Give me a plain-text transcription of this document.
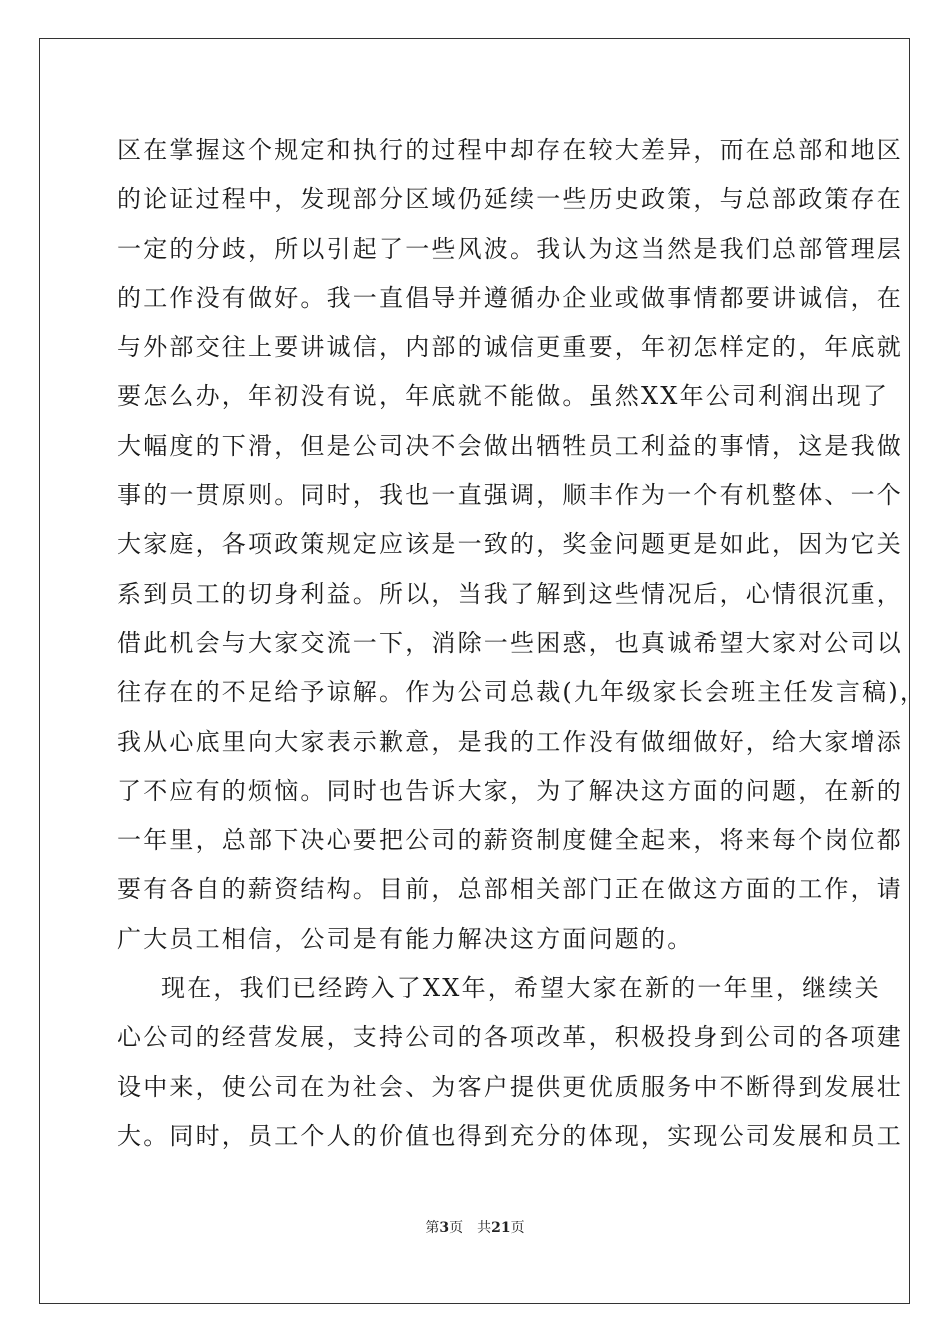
区在掌握这个规定和执行的过程中却存在较大差异，而在总部和地区
的论证过程中，发现部分区域仍延续一些历史政策，与总部政策存在
一定的分歧，所以引起了一些风波。我认为这当然是我们总部管理层
的工作没有做好。我一直倡导并遵循办企业或做事情都要讲诚信，在
与外部交往上要讲诚信，内部的诚信更重要，年初怎样定的，年底就
要怎么办，年初没有说，年底就不能做。虽然XX年公司利润出现了
大幅度的下滑，但是公司决不会做出牺牲员工利益的事情，这是我做
事的一贯原则。同时，我也一直强调，顺丰作为一个有机整体、一个
大家庭，各项政策规定应该是一致的，奖金问题更是如此，因为它关
系到员工的切身利益。所以，当我了解到这些情况后，心情很沉重，
借此机会与大家交流一下，消除一些困惑，也真诚希望大家对公司以
往存在的不足给予谅解。作为公司总裁(九年级家长会班主任发言稿)，
我从心底里向大家表示歉意，是我的工作没有做细做好，给大家增添
了不应有的烦恼。同时也告诉大家，为了解决这方面的问题，在新的
一年里，总部下决心要把公司的薪资制度健全起来，将来每个岗位都
要有各自的薪资结构。目前，总部相关部门正在做这方面的工作，请
广大员工相信，公司是有能力解决这方面问题的。
现在，我们已经跨入了XX年，希望大家在新的一年里，继续关
心公司的经营发展，支持公司的各项改革，积极投身到公司的各项建
设中来，使公司在为社会、为客户提供更优质服务中不断得到发展壮
大。同时，员工个人的价值也得到充分的体现，实现公司发展和员工
第3页 共21页
